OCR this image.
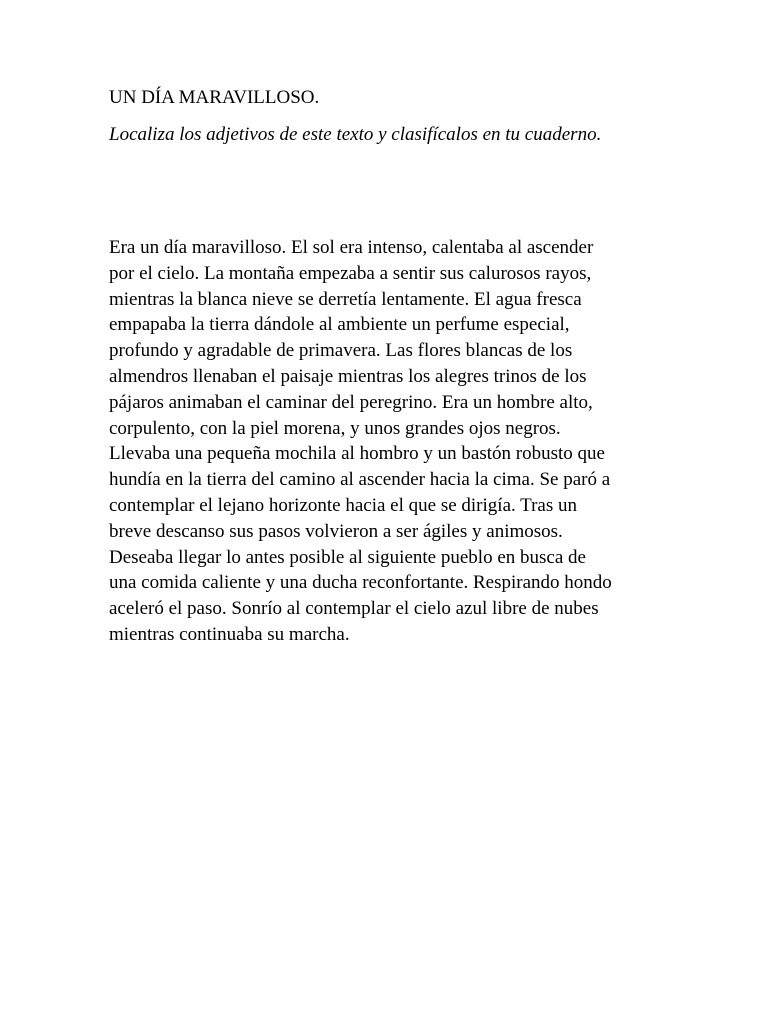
UN DÍA MARAVILLOSO.

Localiza los adjetivos de este texto y clasifícalos en tu cuaderno.

Era un día maravilloso. El sol era intenso, calentaba al ascender
por el cielo. La montaña empezaba a sentir sus calurosos rayos,
mientras la blanca nieve se derretía lentamente. El agua fresca
empapaba la tierra dándole al ambiente un perfume especial,
profundo y agradable de primavera. Las flores blancas de los
almendros llenaban el paisaje mientras los alegres trinos de los
pájaros animaban el caminar del peregrino. Era un hombre alto,
corpulento, con la piel morena, y unos grandes ojos negros.
Llevaba una pequeña mochila al hombro y un bastón robusto que
hundía en la tierra del camino al ascender hacia la cima. Se paró a
contemplar el lejano horizonte hacia el que se dirigía. Tras un
breve descanso sus pasos volvieron a ser ágiles y animosos.
Deseaba llegar lo antes posible al siguiente pueblo en busca de
una comida caliente y una ducha reconfortante. Respirando hondo
aceleró el paso. Sonrío al contemplar el cielo azul libre de nubes
mientras continuaba su marcha.
